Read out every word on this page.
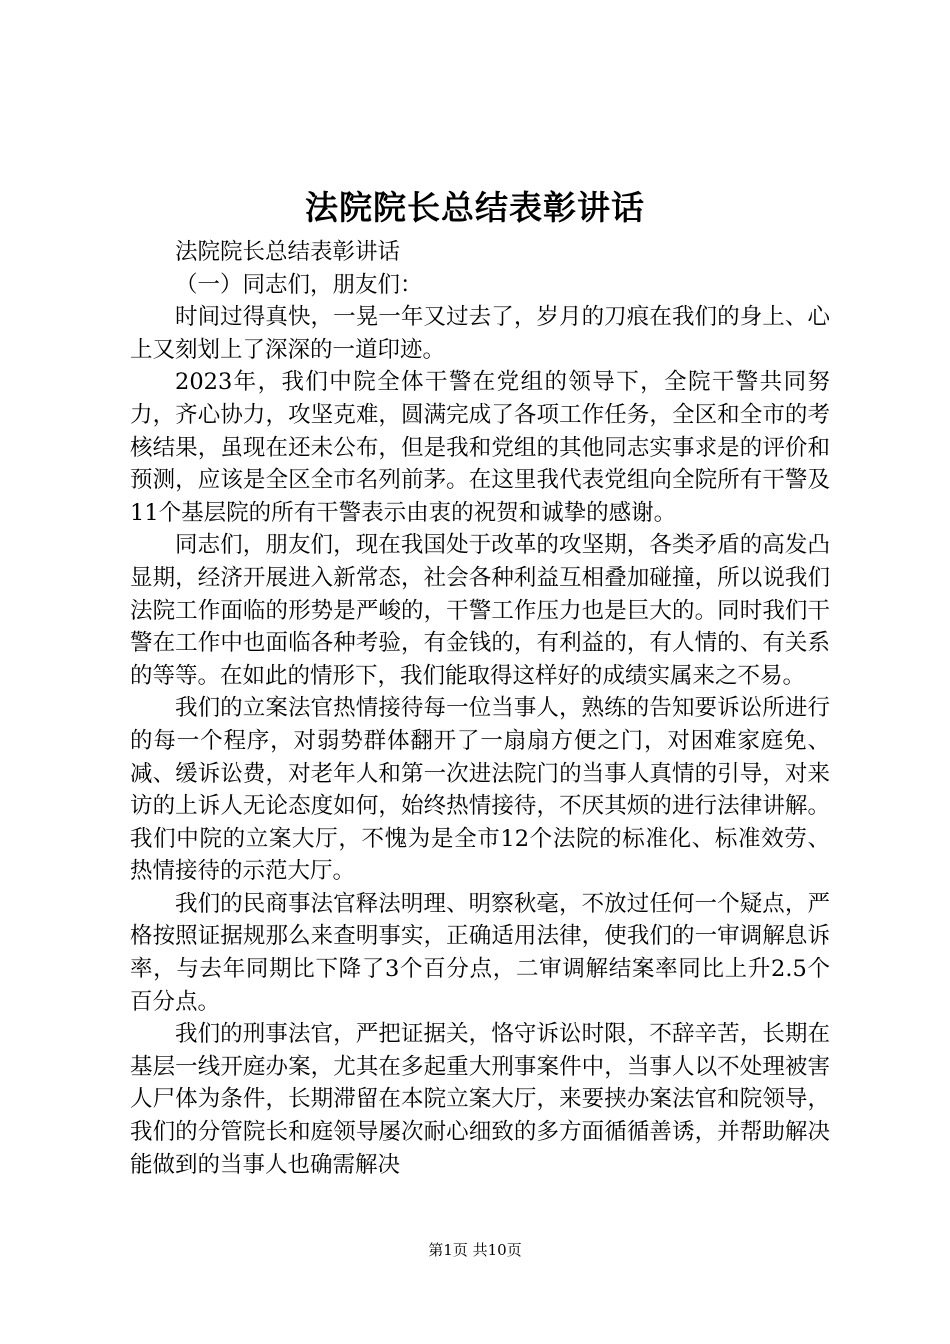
法院院长总结表彰讲话

法院院长总结表彰讲话

（一）同志们，朋友们：

时间过得真快，一晃一年又过去了，岁月的刀痕在我们的身上、心上又刻划上了深深的一道印迹。

2023年，我们中院全体干警在党组的领导下，全院干警共同努力，齐心协力，攻坚克难，圆满完成了各项工作任务，全区和全市的考核结果，虽现在还未公布，但是我和党组的其他同志实事求是的评价和预测，应该是全区全市名列前茅。在这里我代表党组向全院所有干警及11个基层院的所有干警表示由衷的祝贺和诚挚的感谢。

同志们，朋友们，现在我国处于改革的攻坚期，各类矛盾的高发凸显期，经济开展进入新常态，社会各种利益互相叠加碰撞，所以说我们法院工作面临的形势是严峻的，干警工作压力也是巨大的。同时我们干警在工作中也面临各种考验，有金钱的，有利益的，有人情的、有关系的等等。在如此的情形下，我们能取得这样好的成绩实属来之不易。

我们的立案法官热情接待每一位当事人，熟练的告知要诉讼所进行的每一个程序，对弱势群体翻开了一扇扇方便之门，对困难家庭免、减、缓诉讼费，对老年人和第一次进法院门的当事人真情的引导，对来访的上诉人无论态度如何，始终热情接待，不厌其烦的进行法律讲解。我们中院的立案大厅，不愧为是全市12个法院的标准化、标准效劳、热情接待的示范大厅。

我们的民商事法官释法明理、明察秋毫，不放过任何一个疑点，严格按照证据规那么来查明事实，正确适用法律，使我们的一审调解息诉率，与去年同期比下降了3个百分点，二审调解结案率同比上升2.5个百分点。

我们的刑事法官，严把证据关，恪守诉讼时限，不辞辛苦，长期在基层一线开庭办案，尤其在多起重大刑事案件中，当事人以不处理被害人尸体为条件，长期滞留在本院立案大厅，来要挟办案法官和院领导，我们的分管院长和庭领导屡次耐心细致的多方面循循善诱，并帮助解决能做到的当事人也确需解决

第1页 共10页
